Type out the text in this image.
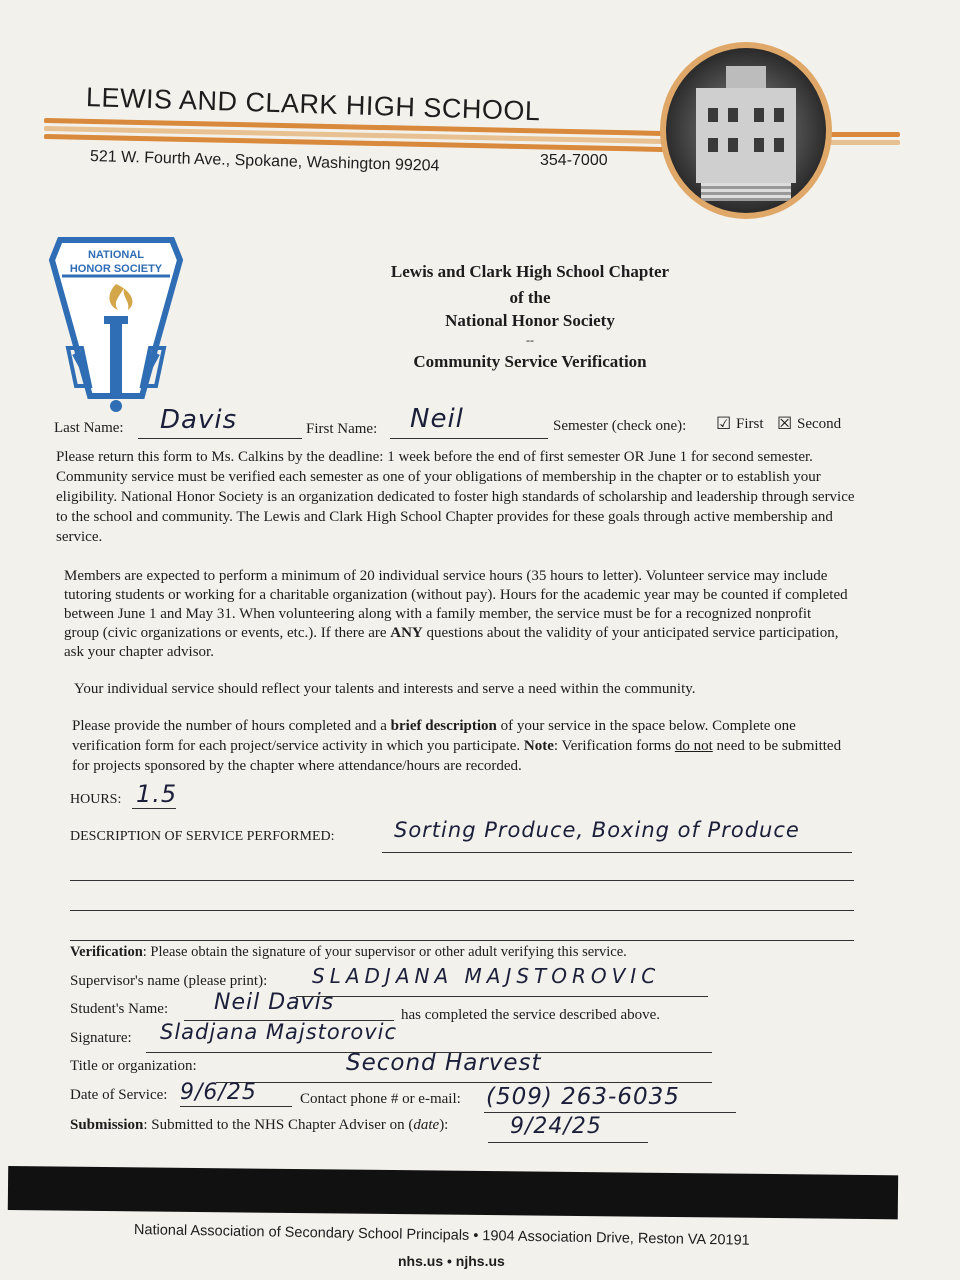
LEWIS AND CLARK HIGH SCHOOL
521 W. Fourth Ave., Spokane, Washington 99204	354-7000
NATIONAL
HONOR SOCIETY	Lewis and Clark High School Chapter
of the
National Honor Society
--
Community Service Verification
Last Name: Davis	First Name: Neil	Semester (check one): ☑ First ☒ Second

Please return this form to Ms. Calkins by the deadline: 1 week before the end of first semester OR June 1 for second semester. Community service must be verified each semester as one of your obligations of membership in the chapter or to establish your eligibility. National Honor Society is an organization dedicated to foster high standards of scholarship and leadership through service to the school and community. The Lewis and Clark High School Chapter provides for these goals through active membership and service.

Members are expected to perform a minimum of 20 individual service hours (35 hours to letter). Volunteer service may include tutoring students or working for a charitable organization (without pay). Hours for the academic year may be counted if completed between June 1 and May 31. When volunteering along with a family member, the service must be for a recognized nonprofit group (civic organizations or events, etc.). If there are ANY questions about the validity of your anticipated service participation, ask your chapter advisor.

Your individual service should reflect your talents and interests and serve a need within the community.

Please provide the number of hours completed and a brief description of your service in the space below. Complete one verification form for each project/service activity in which you participate. Note: Verification forms do not need to be submitted for projects sponsored by the chapter where attendance/hours are recorded.

HOURS: 1.5
DESCRIPTION OF SERVICE PERFORMED:	Sorting Produce, Boxing of Produce
Verification: Please obtain the signature of your supervisor or other adult verifying this service.
Supervisor's name (please print): SLADJANA MAJSTOROVIC
Student's Name: Neil Davis	has completed the service described above.
Signature: Sladjana Majstorovic
Title or organization:	Second Harvest
Date of Service: 9/6/25	Contact phone # or e-mail: (509) 263-6035
Submission: Submitted to the NHS Chapter Adviser on (date):	9/24/25
National Association of Secondary School Principals • 1904 Association Drive, Reston VA 20191
nhs.us • njhs.us
